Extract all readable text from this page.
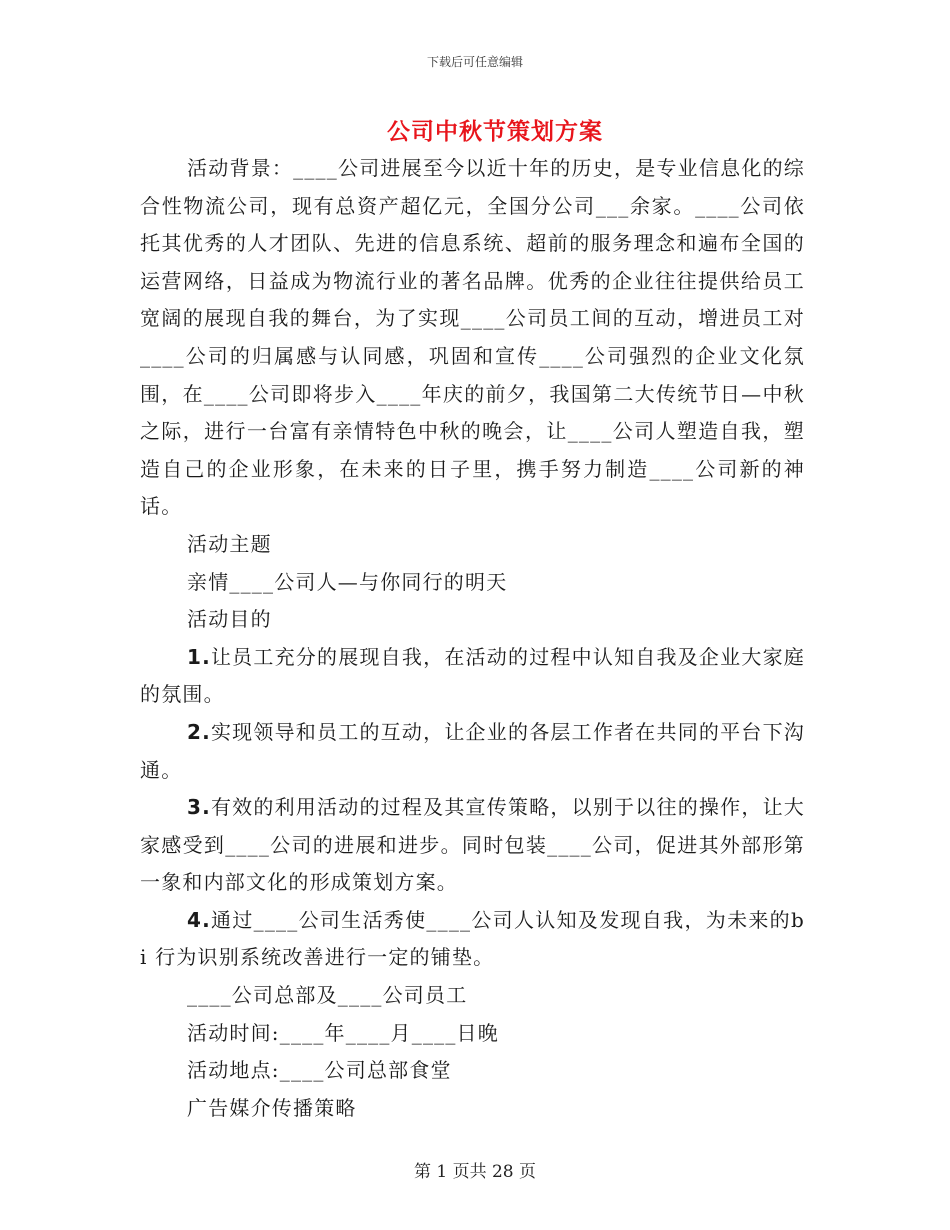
下载后可任意编辑
公司中秋节策划方案

活动背景：____公司进展至今以近十年的历史，是专业信息化的综合性物流公司，现有总资产超亿元，全国分公司___余家。____公司依托其优秀的人才团队、先进的信息系统、超前的服务理念和遍布全国的运营网络，日益成为物流行业的著名品牌。优秀的企业往往提供给员工宽阔的展现自我的舞台，为了实现____公司员工间的互动，增进员工对____公司的归属感与认同感，巩固和宣传____公司强烈的企业文化氛围，在____公司即将步入____年庆的前夕，我国第二大传统节日—中秋之际，进行一台富有亲情特色中秋的晚会，让____公司人塑造自我，塑造自己的企业形象，在未来的日子里，携手努力制造____公司新的神话。

活动主题

亲情____公司人—与你同行的明天

活动目的

1.让员工充分的展现自我，在活动的过程中认知自我及企业大家庭的氛围。

2.实现领导和员工的互动，让企业的各层工作者在共同的平台下沟通。

3.有效的利用活动的过程及其宣传策略，以别于以往的操作，让大家感受到____公司的进展和进步。同时包装____公司，促进其外部形第一象和内部文化的形成策划方案。

4.通过____公司生活秀使____公司人认知及发现自我，为未来的bi 行为识别系统改善进行一定的铺垫。

____公司总部及____公司员工

活动时间:____年____月____日晚

活动地点:____公司总部食堂

广告媒介传播策略

第 1 页共 28 页
